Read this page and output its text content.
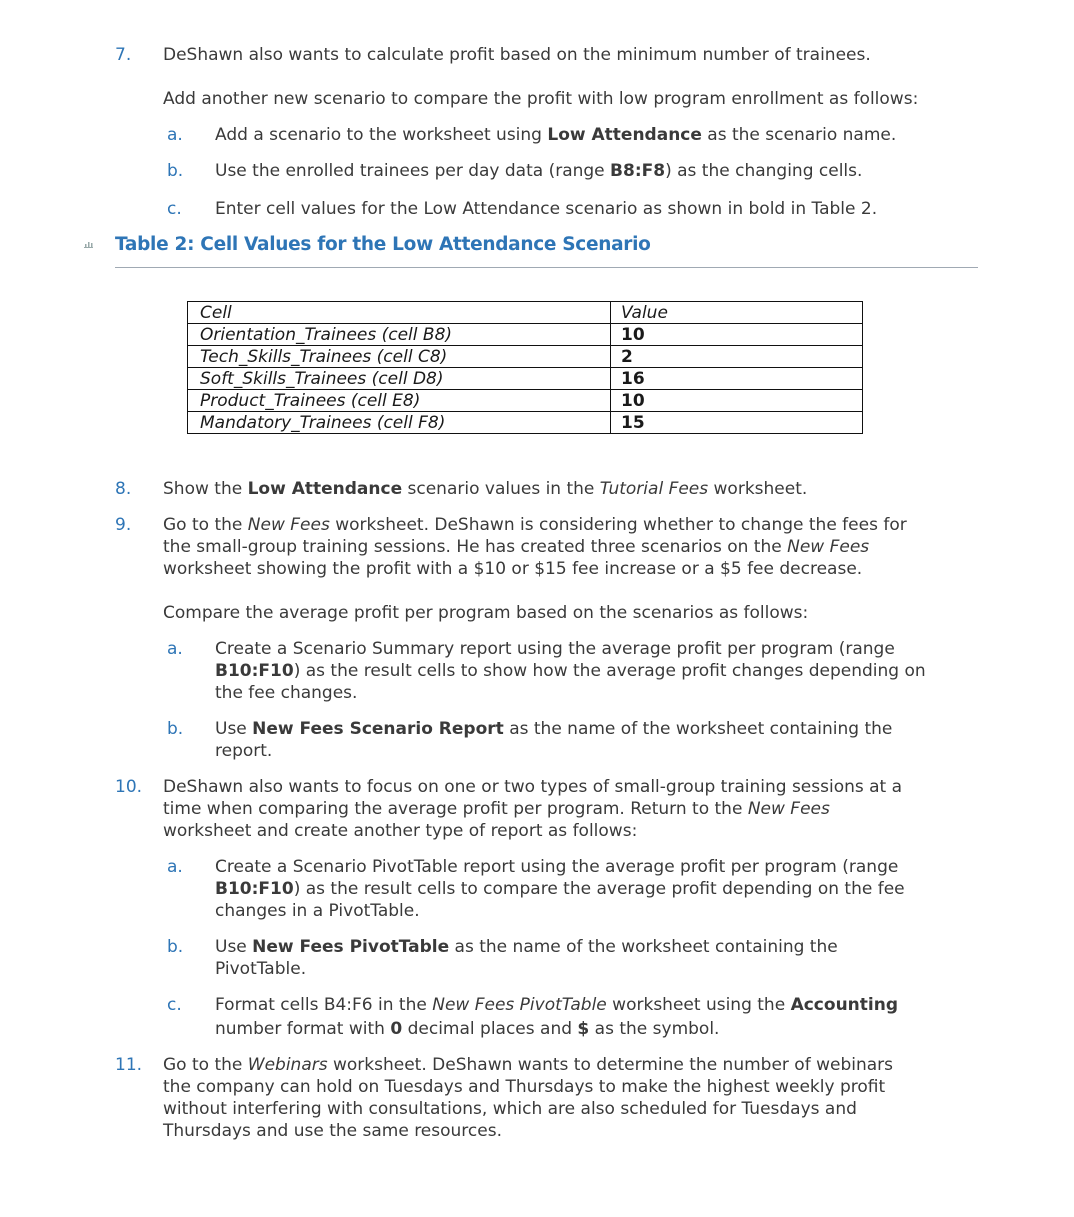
7. DeShawn also wants to calculate profit based on the minimum number of trainees.
Add another new scenario to compare the profit with low program enrollment as follows:
a. Add a scenario to the worksheet using Low Attendance as the scenario name.
b. Use the enrolled trainees per day data (range B8:F8) as the changing cells.
c. Enter cell values for the Low Attendance scenario as shown in bold in Table 2.
Table 2: Cell Values for the Low Attendance Scenario
Cell	Value
Orientation_Trainees (cell B8)	10
Tech_Skills_Trainees (cell C8)	2
Soft_Skills_Trainees (cell D8)	16
Product_Trainees (cell E8)	10
Mandatory_Trainees (cell F8)	15
8. Show the Low Attendance scenario values in the Tutorial Fees worksheet.
9. Go to the New Fees worksheet. DeShawn is considering whether to change the fees for
the small-group training sessions. He has created three scenarios on the New Fees
worksheet showing the profit with a $10 or $15 fee increase or a $5 fee decrease.
Compare the average profit per program based on the scenarios as follows:
a. Create a Scenario Summary report using the average profit per program (range
B10:F10) as the result cells to show how the average profit changes depending on
the fee changes.
b. Use New Fees Scenario Report as the name of the worksheet containing the
report.
10. DeShawn also wants to focus on one or two types of small-group training sessions at a
time when comparing the average profit per program. Return to the New Fees
worksheet and create another type of report as follows:
a. Create a Scenario PivotTable report using the average profit per program (range
B10:F10) as the result cells to compare the average profit depending on the fee
changes in a PivotTable.
b. Use New Fees PivotTable as the name of the worksheet containing the
PivotTable.
c. Format cells B4:F6 in the New Fees PivotTable worksheet using the Accounting
number format with 0 decimal places and $ as the symbol.
11. Go to the Webinars worksheet. DeShawn wants to determine the number of webinars
the company can hold on Tuesdays and Thursdays to make the highest weekly profit
without interfering with consultations, which are also scheduled for Tuesdays and
Thursdays and use the same resources.
